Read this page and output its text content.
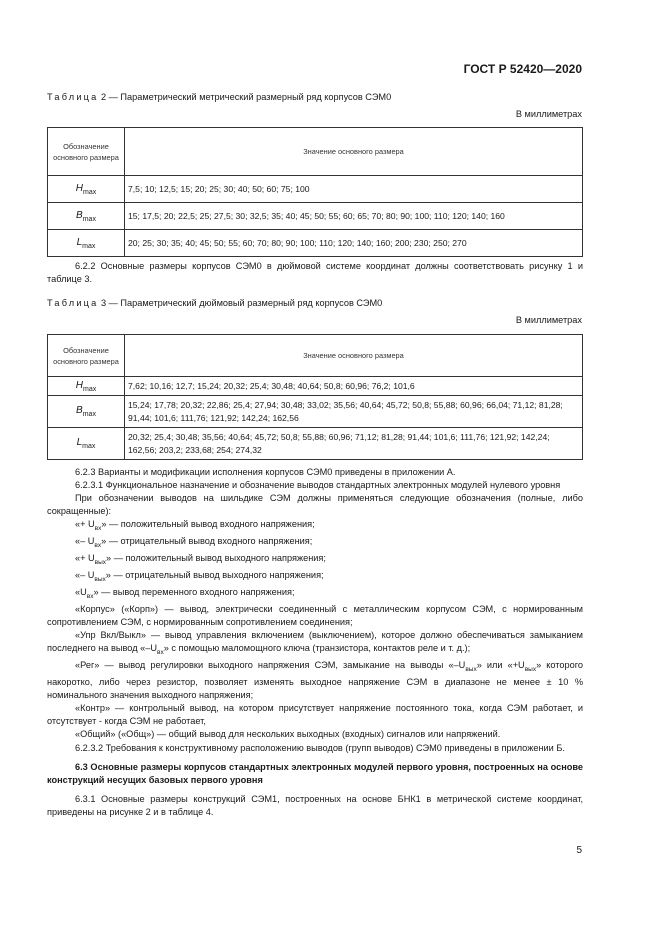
ГОСТ Р 52420—2020
Таблица 2 — Параметрический метрический размерный ряд корпусов СЭМ0
В миллиметрах
Обозначение основного размера	Значение основного размера
$H_{max}$	7,5; 10; 12,5; 15; 20; 25; 30; 40; 50; 60; 75; 100
$B_{max}$	15; 17,5; 20; 22,5; 25; 27,5; 30; 32,5; 35; 40; 45; 50; 55; 60; 65; 70; 80; 90; 100; 110; 120; 140; 160
$L_{max}$	20; 25; 30; 35; 40; 45; 50; 55; 60; 70; 80; 90; 100; 110; 120; 140; 160; 200; 230; 250; 270
6.2.2 Основные размеры корпусов СЭМ0 в дюймовой системе координат должны соответствовать рисунку 1 и таблице 3.
Таблица 3 — Параметрический дюймовый размерный ряд корпусов СЭМ0
В миллиметрах
Обозначение основного размера	Значение основного размера
$H_{max}$	7,62; 10,16; 12,7; 15,24; 20,32; 25,4; 30,48; 40,64; 50,8; 60,96; 76,2; 101,6
$B_{max}$	15,24; 17,78; 20,32; 22,86; 25,4; 27,94; 30,48; 33,02; 35,56; 40,64; 45,72; 50,8; 55,88; 60,96; 66,04; 71,12; 81,28; 91,44; 101,6; 111,76; 121,92; 142,24; 162,56
$L_{max}$	20,32; 25,4; 30,48; 35,56; 40,64; 45,72; 50,8; 55,88; 60,96; 71,12; 81,28; 91,44; 101,6; 111,76; 121,92; 142,24; 162,56; 203,2; 233,68; 254; 274,32
6.2.3 Варианты и модификации исполнения корпусов СЭМ0 приведены в приложении А.
6.2.3.1 Функциональное назначение и обозначение выводов стандартных электронных модулей нулевого уровня
При обозначении выводов на шильдике СЭМ должны применяться следующие обозначения (полные, либо сокращенные):
«+ $U_{вх}$» — положительный вывод входного напряжения;
«– $U_{вх}$» — отрицательный вывод входного напряжения;
«+ $U_{вых}$» — положительный вывод выходного напряжения;
«– $U_{вых}$» — отрицательный вывод выходного напряжения;
«$U_{вх}$» — вывод переменного входного напряжения;
«Корпус» («Корп») — вывод, электрически соединенный с металлическим корпусом СЭМ, с нормированным сопротивлением СЭМ, с нормированным сопротивлением соединения;
«Упр Вкл/Выкл» — вывод управления включением (выключением), которое должно обеспечиваться замыканием последнего на вывод «$-U_{вх}$» с помощью маломощного ключа (транзистора, контактов реле и т. д.);
«Рег» — вывод регулировки выходного напряжения СЭМ, замыкание на выводы «$-U_{вых}$» или «$+U_{вых}$» которого накоротко, либо через резистор, позволяет изменять выходное напряжение СЭМ в диапазоне не менее ± 10 % номинального значения выходного напряжения;
«Контр» — контрольный вывод, на котором присутствует напряжение постоянного тока, когда СЭМ работает, и отсутствует - когда СЭМ не работает,
«Общий» («Общ») — общий вывод для нескольких выходных (входных) сигналов или напряжений.
6.2.3.2 Требования к конструктивному расположению выводов (групп выводов) СЭМ0 приведены в приложении Б.
6.3 Основные размеры корпусов стандартных электронных модулей первого уровня, построенных на основе конструкций несущих базовых первого уровня
6.3.1 Основные размеры конструкций СЭМ1, построенных на основе БНК1 в метрической системе координат, приведены на рисунке 2 и в таблице 4.
5
